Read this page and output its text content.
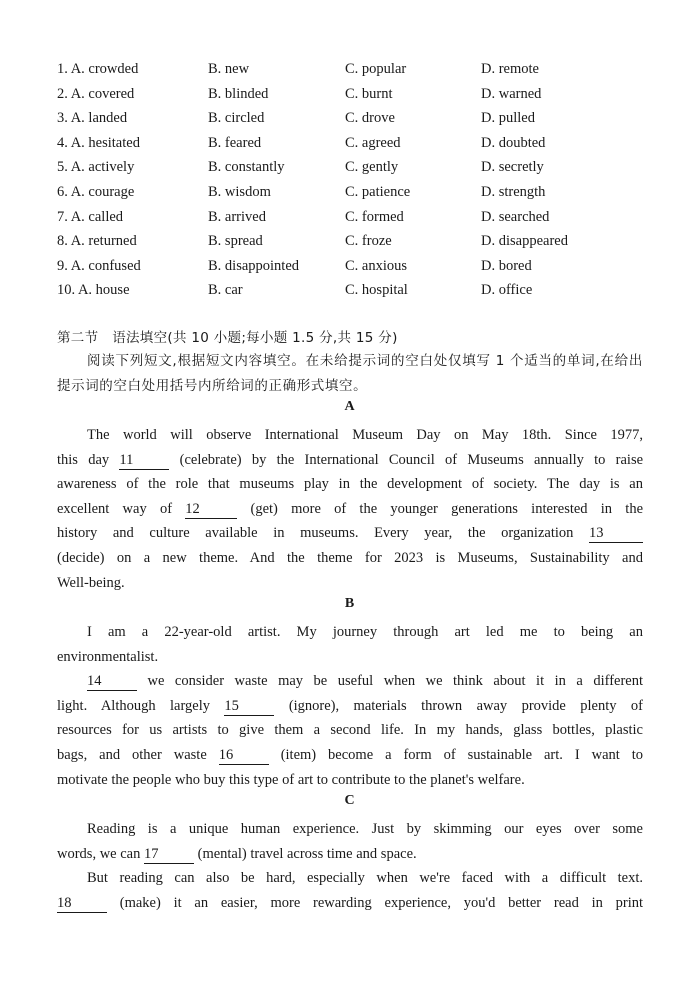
1. A. crowded	B. new	C. popular	D. remote
2. A. covered	B. blinded	C. burnt	D. warned
3. A. landed	B. circled	C. drove	D. pulled
4. A. hesitated	B. feared	C. agreed	D. doubted
5. A. actively	B. constantly	C. gently	D. secretly
6. A. courage	B. wisdom	C. patience	D. strength
7. A. called	B. arrived	C. formed	D. searched
8. A. returned	B. spread	C. froze	D. disappeared
9. A. confused	B. disappointed	C. anxious	D. bored
10. A. house	B. car	C. hospital	D. office
第二节　语法填空(共 10 小题;每小题 1.5 分,共 15 分)
阅读下列短文,根据短文内容填空。在未给提示词的空白处仅填写 1 个适当的单词,在给出提示词的空白处用括号内所给词的正确形式填空。
A
The world will observe International Museum Day on May 18th. Since 1977,
this day 11	(celebrate) by the International Council of Museums annually to raise
awareness of the role that museums play in the development of society. The day is an
excellent way of 12	(get) more of the younger generations interested in the
history and culture available in museums. Every year, the organization 13
(decide) on a new theme. And the theme for 2023 is Museums, Sustainability and
Well-being.
B
I am a 22-year-old artist. My journey through art led me to being an
environmentalist.
14	we consider waste may be useful when we think about it in a different
light. Although largely 15	(ignore), materials thrown away provide plenty of
resources for us artists to give them a second life. In my hands, glass bottles, plastic
bags, and other waste 16	(item) become a form of sustainable art. I want to
motivate the people who buy this type of art to contribute to the planet's welfare.
C
Reading is a unique human experience. Just by skimming our eyes over some
words, we can 17	(mental) travel across time and space.
But reading can also be hard, especially when we're faced with a difficult text.
18	(make) it an easier, more rewarding experience, you'd better read in print
